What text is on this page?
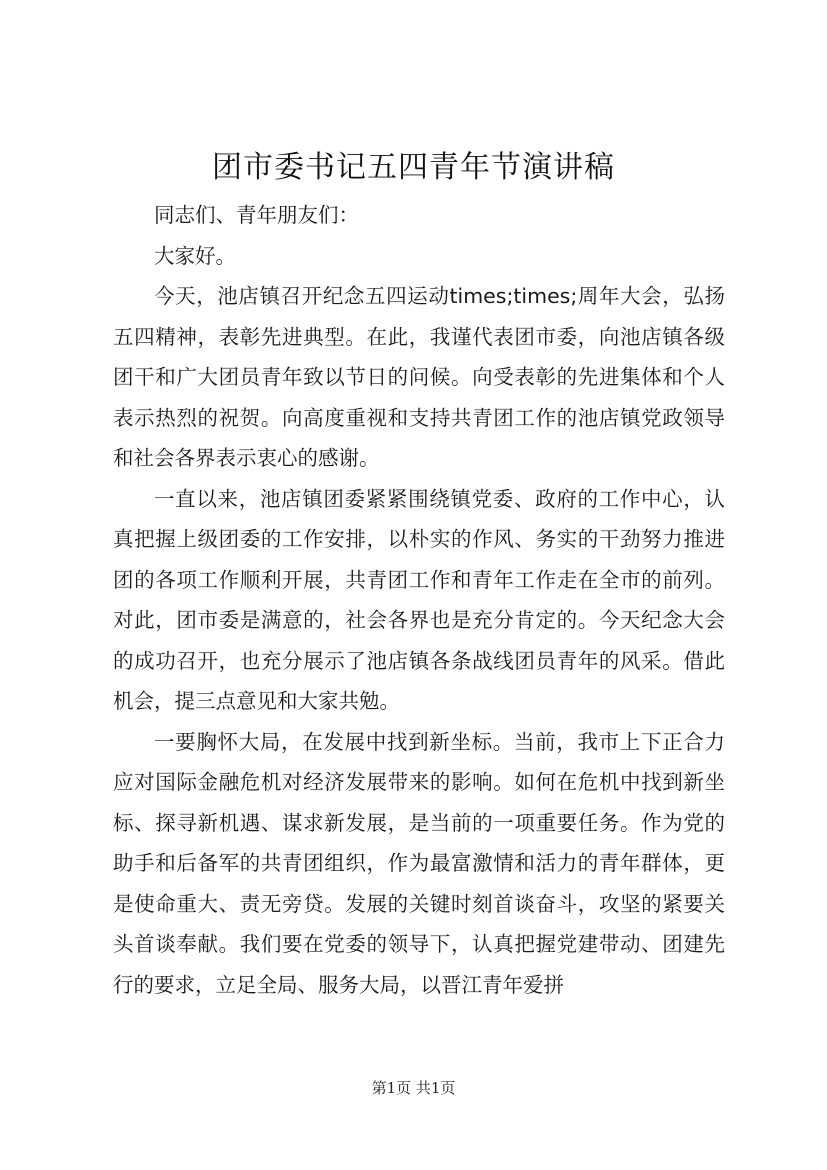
团市委书记五四青年节演讲稿

同志们、青年朋友们：

大家好。

今天，池店镇召开纪念五四运动times;times;周年大会，弘扬五四精神，表彰先进典型。在此，我谨代表团市委，向池店镇各级团干和广大团员青年致以节日的问候。向受表彰的先进集体和个人表示热烈的祝贺。向高度重视和支持共青团工作的池店镇党政领导和社会各界表示衷心的感谢。

一直以来，池店镇团委紧紧围绕镇党委、政府的工作中心，认真把握上级团委的工作安排，以朴实的作风、务实的干劲努力推进团的各项工作顺利开展，共青团工作和青年工作走在全市的前列。对此，团市委是满意的，社会各界也是充分肯定的。今天纪念大会的成功召开，也充分展示了池店镇各条战线团员青年的风采。借此机会，提三点意见和大家共勉。

一要胸怀大局，在发展中找到新坐标。当前，我市上下正合力应对国际金融危机对经济发展带来的影响。如何在危机中找到新坐标、探寻新机遇、谋求新发展，是当前的一项重要任务。作为党的助手和后备军的共青团组织，作为最富激情和活力的青年群体，更是使命重大、责无旁贷。发展的关键时刻首谈奋斗，攻坚的紧要关头首谈奉献。我们要在党委的领导下，认真把握党建带动、团建先行的要求，立足全局、服务大局，以晋江青年爱拼

第1页 共1页
